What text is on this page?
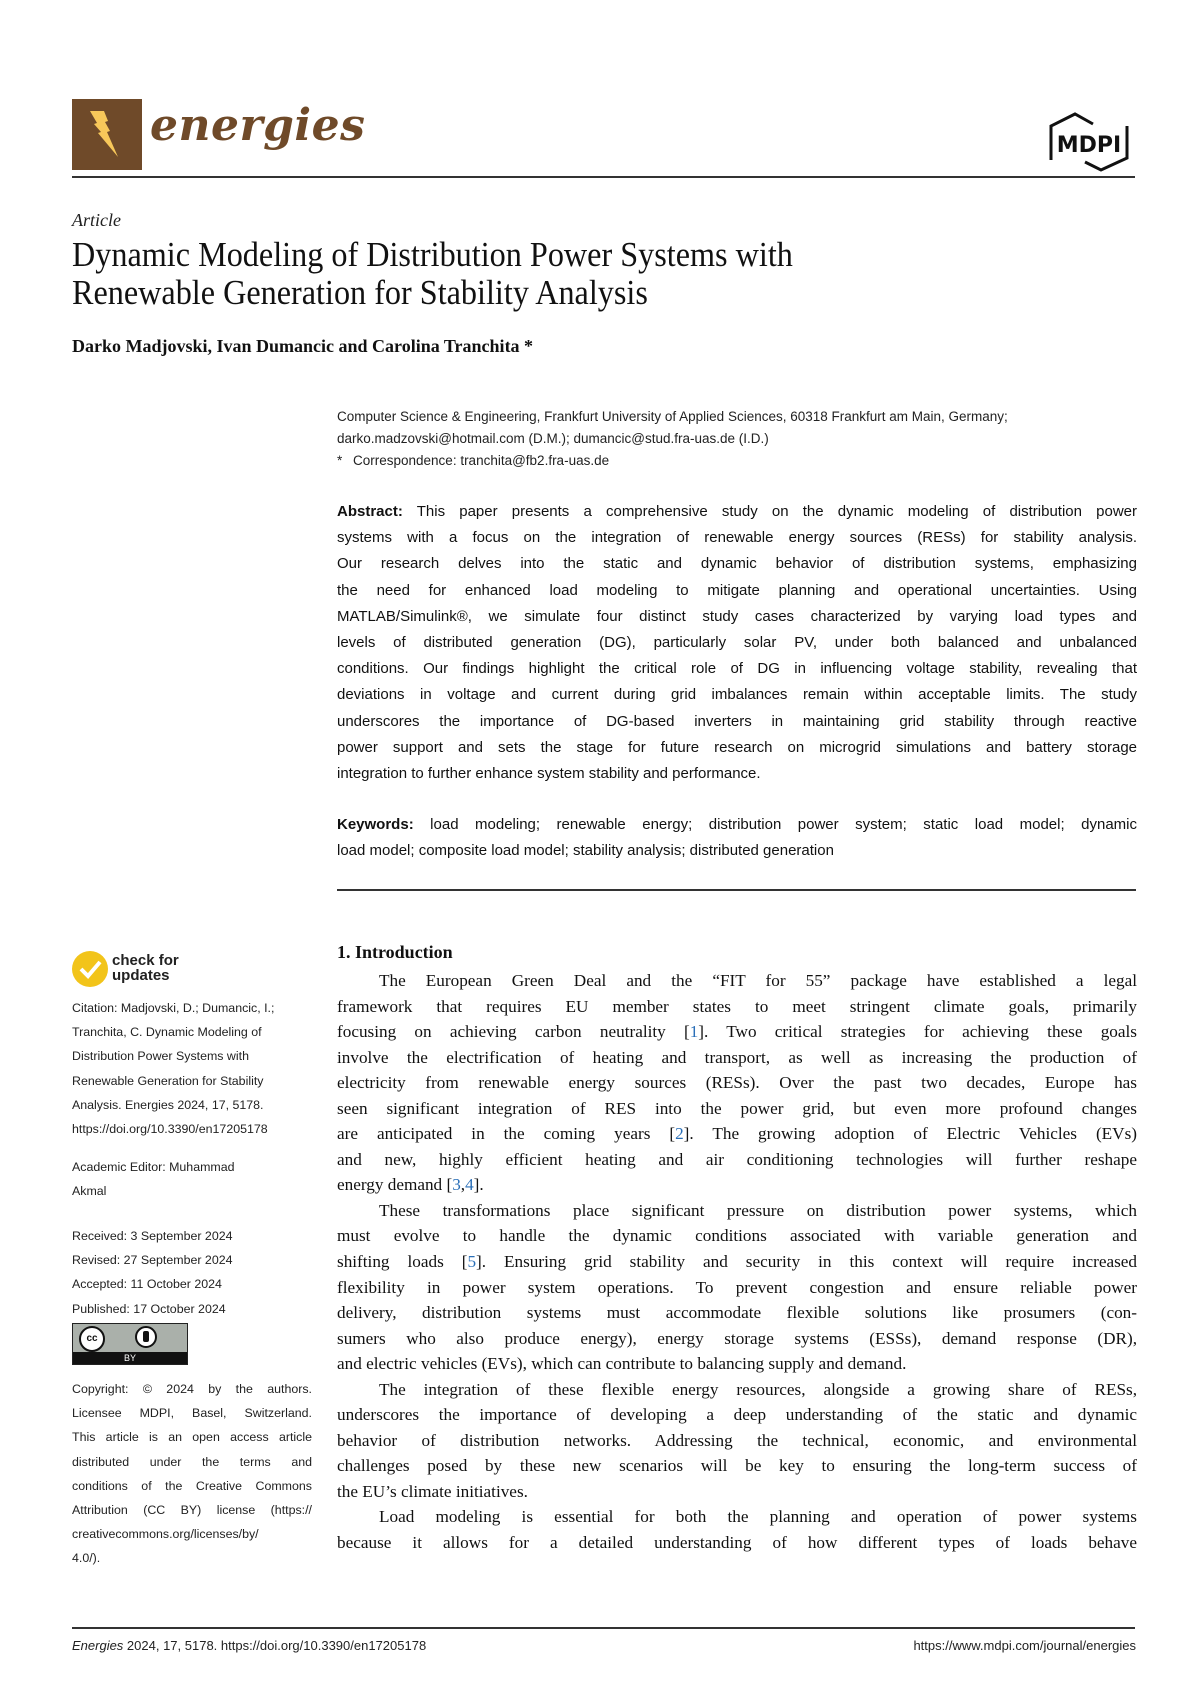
energies	MDPI
Article
Dynamic Modeling of Distribution Power Systems with
Renewable Generation for Stability Analysis
Darko Madjovski, Ivan Dumancic and Carolina Tranchita *
Computer Science & Engineering, Frankfurt University of Applied Sciences, 60318 Frankfurt am Main, Germany;
darko.madzovski@hotmail.com (D.M.); dumancic@stud.fra-uas.de (I.D.)
* Correspondence: tranchita@fb2.fra-uas.de
Abstract: This paper presents a comprehensive study on the dynamic modeling of distribution power
systems with a focus on the integration of renewable energy sources (RESs) for stability analysis.
Our research delves into the static and dynamic behavior of distribution systems, emphasizing
the need for enhanced load modeling to mitigate planning and operational uncertainties. Using
MATLAB/Simulink®, we simulate four distinct study cases characterized by varying load types and
levels of distributed generation (DG), particularly solar PV, under both balanced and unbalanced
conditions. Our findings highlight the critical role of DG in influencing voltage stability, revealing that
deviations in voltage and current during grid imbalances remain within acceptable limits. The study
underscores the importance of DG-based inverters in maintaining grid stability through reactive
power support and sets the stage for future research on microgrid simulations and battery storage
integration to further enhance system stability and performance.
Keywords: load modeling; renewable energy; distribution power system; static load model; dynamic
load model; composite load model; stability analysis; distributed generation
check for
updates
Citation: Madjovski, D.; Dumancic, I.;
Tranchita, C. Dynamic Modeling of
Distribution Power Systems with
Renewable Generation for Stability
Analysis. Energies 2024, 17, 5178.
https://doi.org/10.3390/en17205178
Academic Editor: Muhammad
Akmal
Received: 3 September 2024
Revised: 27 September 2024
Accepted: 11 October 2024
Published: 17 October 2024
cc
BY
Copyright: © 2024 by the authors.
Licensee MDPI, Basel, Switzerland.
This article is an open access article
distributed under the terms and
conditions of the Creative Commons
Attribution (CC BY) license (https://
creativecommons.org/licenses/by/
4.0/).
1. Introduction
The European Green Deal and the “FIT for 55” package have established a legal
framework that requires EU member states to meet stringent climate goals, primarily
focusing on achieving carbon neutrality [1]. Two critical strategies for achieving these goals
involve the electrification of heating and transport, as well as increasing the production of
electricity from renewable energy sources (RESs). Over the past two decades, Europe has
seen significant integration of RES into the power grid, but even more profound changes
are anticipated in the coming years [2]. The growing adoption of Electric Vehicles (EVs)
and new, highly efficient heating and air conditioning technologies will further reshape
energy demand [3,4].
These transformations place significant pressure on distribution power systems, which
must evolve to handle the dynamic conditions associated with variable generation and
shifting loads [5]. Ensuring grid stability and security in this context will require increased
flexibility in power system operations. To prevent congestion and ensure reliable power
delivery, distribution systems must accommodate flexible solutions like prosumers (con-
sumers who also produce energy), energy storage systems (ESSs), demand response (DR),
and electric vehicles (EVs), which can contribute to balancing supply and demand.
The integration of these flexible energy resources, alongside a growing share of RESs,
underscores the importance of developing a deep understanding of the static and dynamic
behavior of distribution networks. Addressing the technical, economic, and environmental
challenges posed by these new scenarios will be key to ensuring the long-term success of
the EU’s climate initiatives.
Load modeling is essential for both the planning and operation of power systems
because it allows for a detailed understanding of how different types of loads behave
Energies 2024, 17, 5178. https://doi.org/10.3390/en17205178	https://www.mdpi.com/journal/energies
